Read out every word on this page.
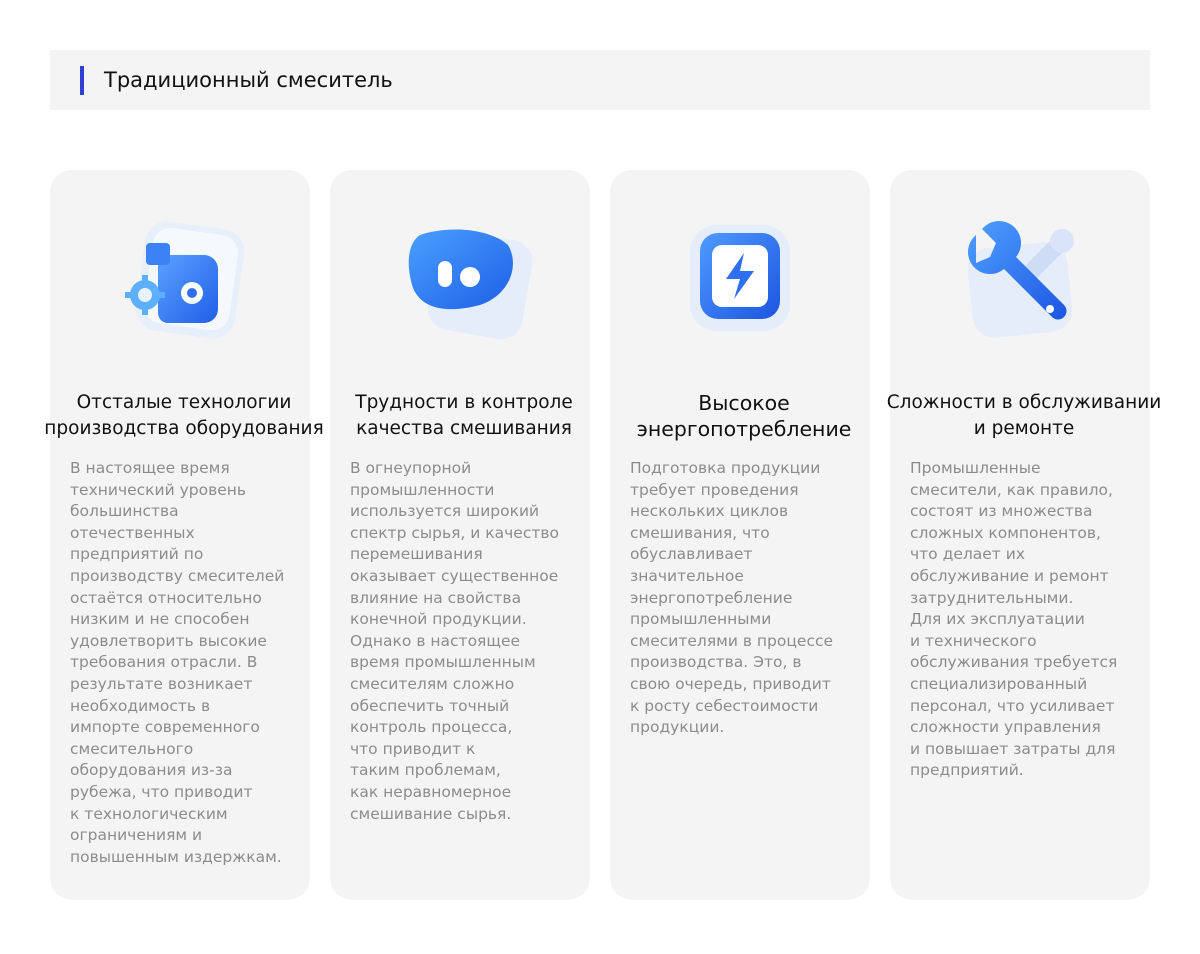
Традиционный смеситель
Отсталые технологии
производства оборудования
В настоящее время
технический уровень
большинства
отечественных
предприятий по
производству смесителей
остаётся относительно
низким и не способен
удовлетворить высокие
требования отрасли. В
результате возникает
необходимость в
импорте современного
смесительного
оборудования из-за
рубежа, что приводит
к технологическим
ограничениям и
повышенным издержкам.
Трудности в контроле
качества смешивания
В огнеупорной
промышленности
используется широкий
спектр сырья, и качество
перемешивания
оказывает существенное
влияние на свойства
конечной продукции.
Однако в настоящее
время промышленным
смесителям сложно
обеспечить точный
контроль процесса,
что приводит к
таким проблемам,
как неравномерное
смешивание сырья.
Высокое
энергопотребление
Подготовка продукции
требует проведения
нескольких циклов
смешивания, что
обуславливает
значительное
энергопотребление
промышленными
смесителями в процессе
производства. Это, в
свою очередь, приводит
к росту себестоимости
продукции.
Сложности в обслуживании
и ремонте
Промышленные
смесители, как правило,
состоят из множества
сложных компонентов,
что делает их
обслуживание и ремонт
затруднительными.
Для их эксплуатации
и технического
обслуживания требуется
специализированный
персонал, что усиливает
сложности управления
и повышает затраты для
предприятий.
